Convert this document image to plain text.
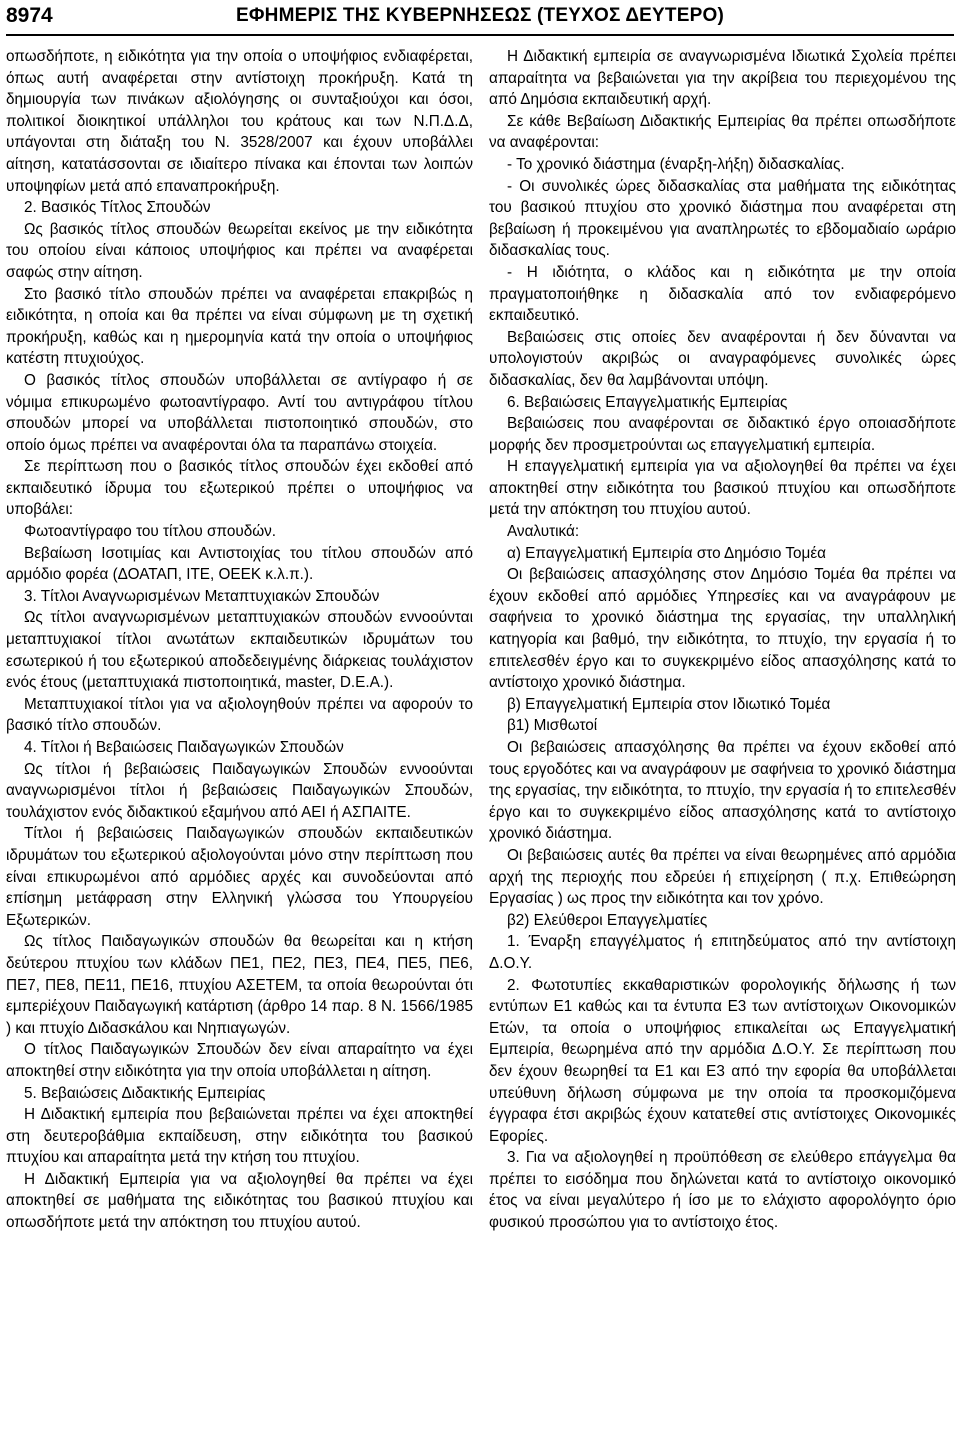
8974	ΕΦΗΜΕΡΙΣ ΤΗΣ ΚΥΒΕΡΝΗΣΕΩΣ (ΤΕΥΧΟΣ ΔΕΥΤΕΡΟ)

οπωσδήποτε, η ειδικότητα για την οποία ο υποψήφιος ενδιαφέρεται, όπως αυτή αναφέρεται στην αντίστοιχη προκήρυξη. Κατά τη δημιουργία των πινάκων αξιολόγησης οι συνταξιούχοι και όσοι, πολιτικοί διοικητικοί υπάλληλοι του κράτους και των Ν.Π.Δ.Δ, υπάγονται στη διάταξη του Ν. 3528/2007 και έχουν υποβάλλει αίτηση, κατατάσσονται σε ιδιαίτερο πίνακα και έπονται των λοιπών υποψηφίων μετά από επαναπροκήρυξη.

2. Βασικός Τίτλος Σπουδών

Ως βασικός τίτλος σπουδών θεωρείται εκείνος με την ειδικότητα του οποίου είναι κάποιος υποψήφιος και πρέπει να αναφέρεται σαφώς στην αίτηση.

Στο βασικό τίτλο σπουδών πρέπει να αναφέρεται επακριβώς η ειδικότητα, η οποία και θα πρέπει να είναι σύμφωνη με τη σχετική προκήρυξη, καθώς και η ημερομηνία κατά την οποία ο υποψήφιος κατέστη πτυχιούχος.

Ο βασικός τίτλος σπουδών υποβάλλεται σε αντίγραφο ή σε νόμιμα επικυρωμένο φωτοαντίγραφο. Αντί του αντιγράφου τίτλου σπουδών μπορεί να υποβάλλεται πιστοποιητικό σπουδών, στο οποίο όμως πρέπει να αναφέρονται όλα τα παραπάνω στοιχεία.

Σε περίπτωση που ο βασικός τίτλος σπουδών έχει εκδοθεί από εκπαιδευτικό ίδρυμα του εξωτερικού πρέπει ο υποψήφιος να υποβάλει:

Φωτοαντίγραφο του τίτλου σπουδών.

Βεβαίωση Ισοτιμίας και Αντιστοιχίας του τίτλου σπουδών από αρμόδιο φορέα (ΔΟΑΤΑΠ, ΙΤΕ, ΟΕΕΚ κ.λ.π.).

3. Τίτλοι Αναγνωρισμένων Μεταπτυχιακών Σπουδών

Ως τίτλοι αναγνωρισμένων μεταπτυχιακών σπουδών εννοούνται μεταπτυχιακοί τίτλοι ανωτάτων εκπαιδευτικών ιδρυμάτων του εσωτερικού ή του εξωτερικού αποδεδειγμένης διάρκειας τουλάχιστον ενός έτους (μεταπτυχιακά πιστοποιητικά, master, D.E.A.).

Μεταπτυχιακοί τίτλοι για να αξιολογηθούν πρέπει να αφορούν το βασικό τίτλο σπουδών.

4. Τίτλοι ή Βεβαιώσεις Παιδαγωγικών Σπουδών

Ως τίτλοι ή βεβαιώσεις Παιδαγωγικών Σπουδών εννοούνται αναγνωρισμένοι τίτλοι ή βεβαιώσεις Παιδαγωγικών Σπουδών, τουλάχιστον ενός διδακτικού εξαμήνου από ΑΕΙ ή ΑΣΠΑΙΤΕ.

Τίτλοι ή βεβαιώσεις Παιδαγωγικών σπουδών εκπαιδευτικών ιδρυμάτων του εξωτερικού αξιολογούνται μόνο στην περίπτωση που είναι επικυρωμένοι από αρμόδιες αρχές και συνοδεύονται από επίσημη μετάφραση στην Ελληνική γλώσσα του Υπουργείου Εξωτερικών.

Ως τίτλος Παιδαγωγικών σπουδών θα θεωρείται και η κτήση δεύτερου πτυχίου των κλάδων ΠΕ1, ΠΕ2, ΠΕ3, ΠΕ4, ΠΕ5, ΠΕ6, ΠΕ7, ΠΕ8, ΠΕ11, ΠΕ16, πτυχίου ΑΣΕΤΕΜ, τα οποία θεωρούνται ότι εμπερiέχουν Παιδαγωγική κατάρτιση (άρθρο 14 παρ. 8 Ν. 1566/1985 ) και πτυχίο Διδασκάλου και Νηπιαγωγών.

Ο τίτλος Παιδαγωγικών Σπουδών δεν είναι απαραίτητο να έχει αποκτηθεί στην ειδικότητα για την οποία υποβάλλεται η αίτηση.

5. Βεβαιώσεις Διδακτικής Εμπειρίας

Η Διδακτική εμπειρία που βεβαιώνεται πρέπει να έχει αποκτηθεί στη δευτεροβάθμια εκπαίδευση, στην ειδικότητα του βασικού πτυχίου και απαραίτητα μετά την κτήση του πτυχίου.

Η Διδακτική Εμπειρία για να αξιολογηθεί θα πρέπει να έχει αποκτηθεί σε μαθήματα της ειδικότητας του βασικού πτυχίου και οπωσδήποτε μετά την απόκτηση του πτυχίου αυτού.

Η Διδακτική εμπειρία σε αναγνωρισμένα Ιδιωτικά Σχολεία πρέπει απαραίτητα να βεβαιώνεται για την ακρίβεια του περιεχομένου της από Δημόσια εκπαιδευτική αρχή.

Σε κάθε Βεβαίωση Διδακτικής Εμπειρίας θα πρέπει οπωσδήποτε να αναφέρονται:

- Το χρονικό διάστημα (έναρξη-λήξη) διδασκαλίας.

- Οι συνολικές ώρες διδασκαλίας στα μαθήματα της ειδικότητας του βασικού πτυχίου στο χρονικό διάστημα που αναφέρεται στη βεβαίωση ή προκειμένου για αναπληρωτές το εβδομαδιαίο ωράριο διδασκαλίας τους.

- Η ιδιότητα, ο κλάδος και η ειδικότητα με την οποία πραγματοποιήθηκε η διδασκαλία από τον ενδιαφερόμενο εκπαιδευτικό.

Βεβαιώσεις στις οποίες δεν αναφέρονται ή δεν δύνανται να υπολογιστούν ακριβώς οι αναγραφόμενες συνολικές ώρες διδασκαλίας, δεν θα λαμβάνονται υπόψη.

6. Βεβαιώσεις Επαγγελματικής Εμπειρίας

Βεβαιώσεις που αναφέρονται σε διδακτικό έργο οποιασδήποτε μορφής δεν προσμετρούνται ως επαγγελματική εμπειρία.

Η επαγγελματική εμπειρία για να αξιολογηθεί θα πρέπει να έχει αποκτηθεί στην ειδικότητα του βασικού πτυχίου και οπωσδήποτε μετά την απόκτηση του πτυχίου αυτού.

Αναλυτικά:

α) Επαγγελματική Εμπειρία στο Δημόσιο Τομέα

Οι βεβαιώσεις απασχόλησης στον Δημόσιο Τομέα θα πρέπει να έχουν εκδοθεί από αρμόδιες Υπηρεσίες και να αναγράφουν με σαφήνεια το χρονικό διάστημα της εργασίας, την υπαλληλική κατηγορία και βαθμό, την ειδικότητα, το πτυχίο, την εργασία ή το επιτελεσθέν έργο και το συγκεκριμένο είδος απασχόλησης κατά το αντίστοιχο χρονικό διάστημα.

β) Επαγγελματική Εμπειρία στον Ιδιωτικό Τομέα

β1) Μισθωτοί

Οι βεβαιώσεις απασχόλησης θα πρέπει να έχουν εκδοθεί από τους εργοδότες και να αναγράφουν με σαφήνεια το χρονικό διάστημα της εργασίας, την ειδικότητα, το πτυχίο, την εργασία ή το επιτελεσθέν έργο και το συγκεκριμένο είδος απασχόλησης κατά το αντίστοιχο χρονικό διάστημα.

Οι βεβαιώσεις αυτές θα πρέπει να είναι θεωρημένες από αρμόδια αρχή της περιοχής που εδρεύει ή επιχείρηση ( π.χ. Επιθεώρηση Εργασίας ) ως προς την ειδικότητα και τον χρόνο.

β2) Ελεύθεροι Επαγγελματίες

1. Έναρξη επαγγέλματος ή επιτηδεύματος από την αντίστοιχη Δ.Ο.Υ.

2. Φωτοτυπίες εκκαθαριστικών φορολογικής δήλωσης ή των εντύπων Ε1 καθώς και τα έντυπα Ε3 των αντίστοιχων Οικονομικών Ετών, τα οποία ο υποψήφιος επικαλείται ως Επαγγελματική Εμπειρία, θεωρημένα από την αρμόδια Δ.Ο.Υ. Σε περίπτωση που δεν έχουν θεωρηθεί τα Ε1 και Ε3 από την εφορία θα υποβάλλεται υπεύθυνη δήλωση σύμφωνα με την οποία τα προσκομιζόμενα έγγραφα έτσι ακριβώς έχουν κατατεθεί στις αντίστοιχες Οικονομικές Εφορίες.

3. Για να αξιολογηθεί η προϋπόθεση σε ελεύθερο επάγγελμα θα πρέπει το εισόδημα που δηλώνεται κατά το αντίστοιχο οικονομικό έτος να είναι μεγαλύτερο ή ίσο με το ελάχιστο αφορολόγητο όριο φυσικού προσώπου για το αντίστοιχο έτος.
